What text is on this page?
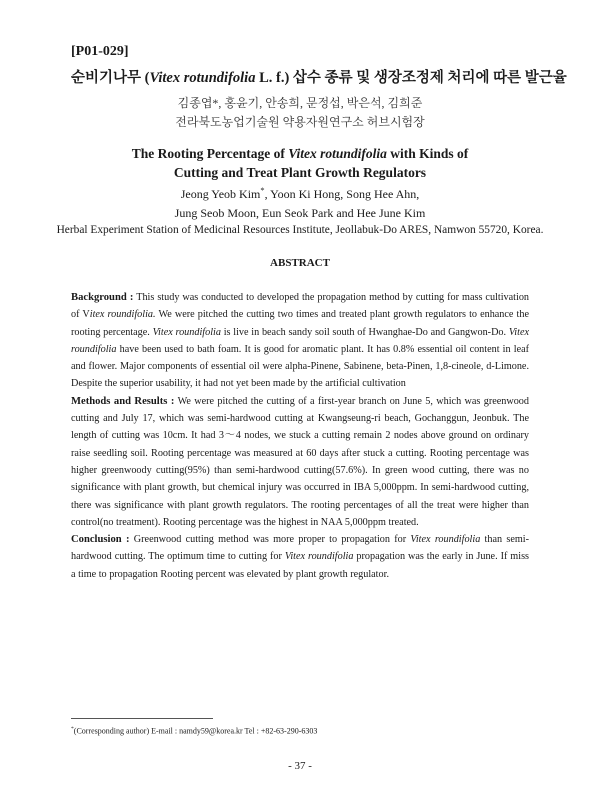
[P01-029]
순비기나무 (Vitex rotundifolia L. f.) 삽수 종류 및 생장조정제 처리에 따른 발근율
김종엽*, 홍윤기, 안송희, 문정섭, 박은석, 김희준
전라북도농업기술원 약용자원연구소 허브시험장
The Rooting Percentage of Vitex rotundifolia with Kinds of
Cutting and Treat Plant Growth Regulators
Jeong Yeob Kim*, Yoon Ki Hong, Song Hee Ahn,
Jung Seob Moon, Eun Seok Park and Hee June Kim
Herbal Experiment Station of Medicinal Resources Institute, Jeollabuk-Do ARES, Namwon 55720, Korea.
ABSTRACT

Background : This study was conducted to developed the propagation method by cutting for mass cultivation of Vitex roundifolia. We were pitched the cutting two times and treated plant growth regulators to enhance the rooting percentage. Vitex roundifolia is live in beach sandy soil south of Hwanghae-Do and Gangwon-Do. Vitex roundifolia have been used to bath foam. It is good for aromatic plant. It has 0.8% essential oil content in leaf and flower. Major components of essential oil were alpha-Pinene, Sabinene, beta-Pinen, 1,8-cineole, d-Limone. Despite the superior usability, it had not yet been made by the artificial cultivation

Methods and Results : We were pitched the cutting of a first-year branch on June 5, which was greenwood cutting and July 17, which was semi-hardwood cutting at Kwangseung-ri beach, Gochanggun, Jeonbuk. The length of cutting was 10cm. It had 3～4 nodes, we stuck a cutting remain 2 nodes above ground on ordinary raise seedling soil. Rooting percentage was measured at 60 days after stuck a cutting. Rooting percentage was higher greenwoody cutting(95%) than semi-hardwood cutting(57.6%). In green wood cutting, there was no significance with plant growth, but chemical injury was occurred in IBA 5,000ppm. In semi-hardwood cutting, there was significance with plant growth regulators. The rooting percentages of all the treat were higher than control(no treatment). Rooting percentage was the highest in NAA 5,000ppm treated.

Conclusion : Greenwood cutting method was more proper to propagation for Vitex roundifolia than semi-hardwood cutting. The optimum time to cutting for Vitex roundifolia propagation was the early in June. If miss a time to propagation Rooting percent was elevated by plant growth regulator.

*(Corresponding author) E-mail : namdy59@korea.kr Tel : +82-63-290-6303
- 37 -
